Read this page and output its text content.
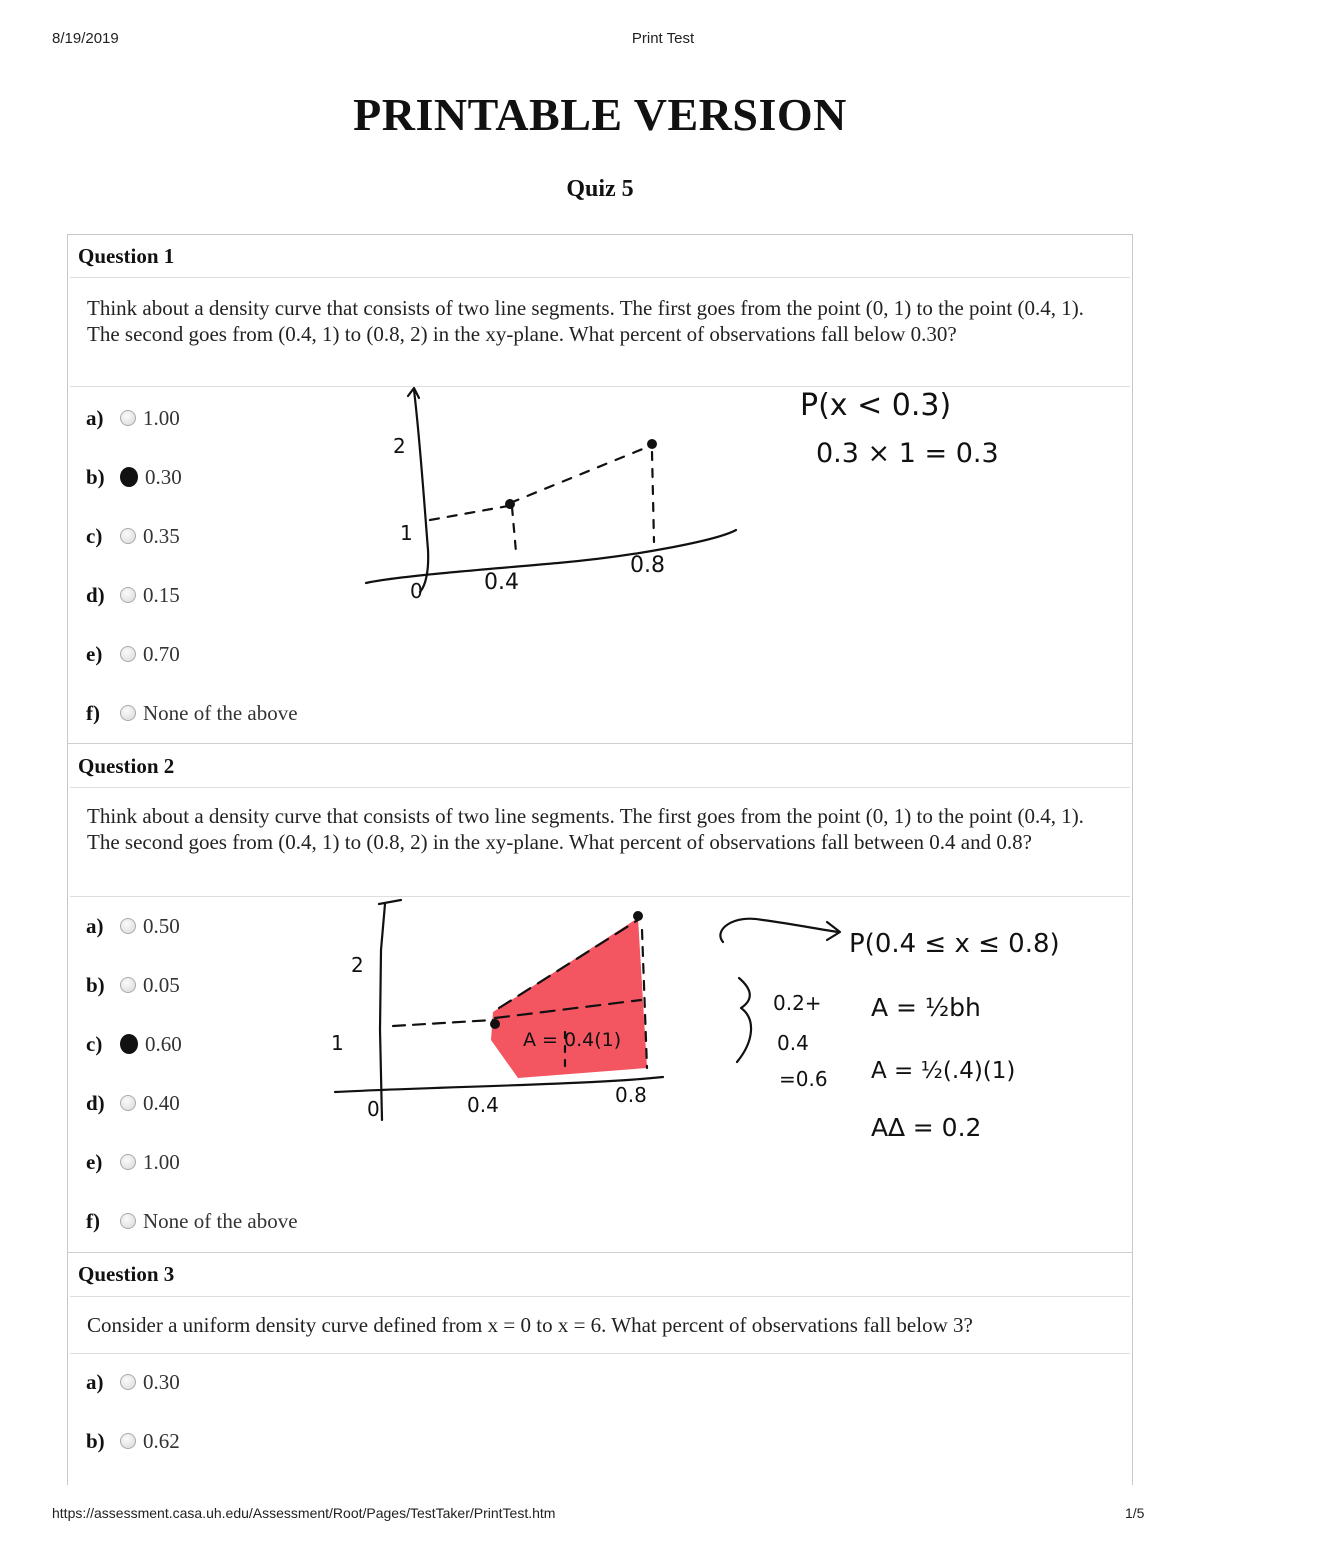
8/19/2019	Print Test
PRINTABLE VERSION
Quiz 5
Question 1
Think about a density curve that consists of two line segments. The first goes from the point (0, 1) to the point (0.4, 1). The second goes from (0.4, 1) to (0.8, 2) in the xy-plane. What percent of observations fall below 0.30?
a)	1.00
b)	0.30
c)	0.35
d)	0.15
e)	0.70
f)	None of the above
2
1
0	0.4
0.8
P(x < 0.3)
0.3 × 1 = 0.3
Question 2
Think about a density curve that consists of two line segments. The first goes from the point (0, 1) to the point (0.4, 1). The second goes from (0.4, 1) to (0.8, 2) in the xy-plane. What percent of observations fall between 0.4 and 0.8?
a)	0.50
b)	0.05
c)	0.60
d)	0.40
e)	1.00
f)	None of the above
2
1
0	0.4	0.8
A = 0.4(1)
0.2+
0.4
=0.6
P(0.4 ≤ x ≤ 0.8)
A = ½bh
A = ½(.4)(1)
A∆ = 0.2
Question 3
Consider a uniform density curve defined from x = 0 to x = 6. What percent of observations fall below 3?
a)	0.30
b)	0.62
https://assessment.casa.uh.edu/Assessment/Root/Pages/TestTaker/PrintTest.htm	1/5
